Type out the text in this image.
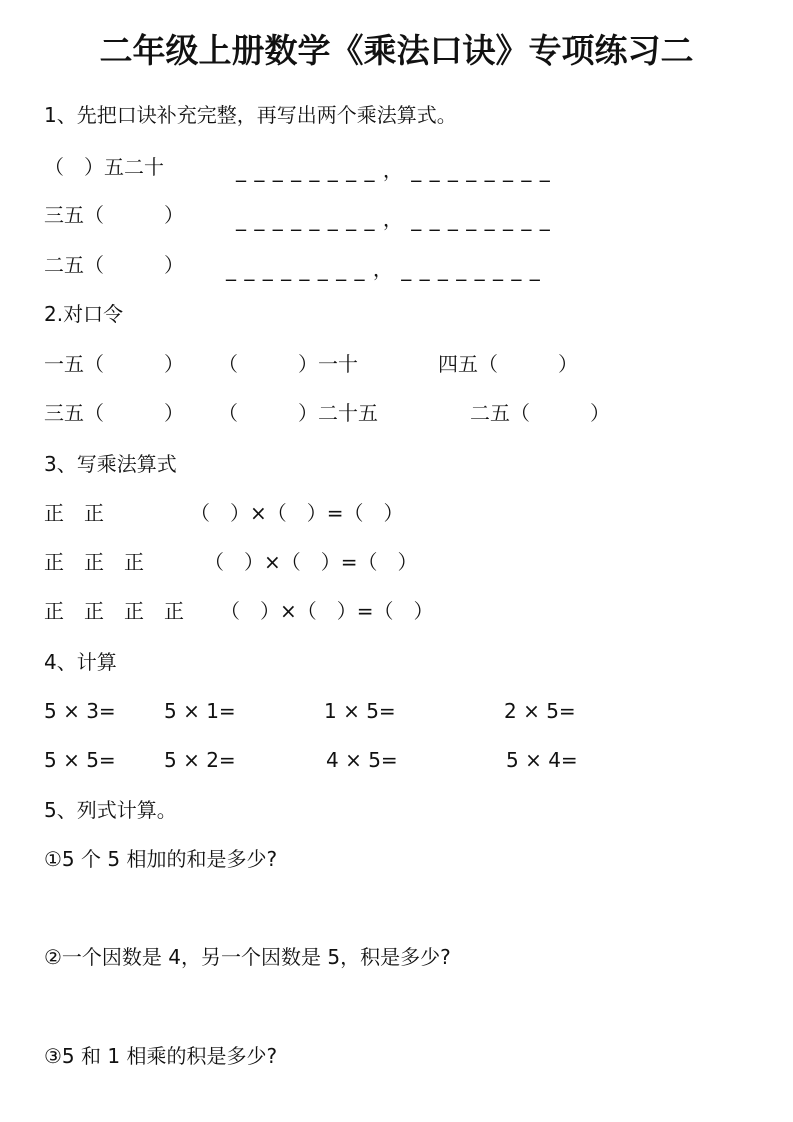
二年级上册数学《乘法口诀》专项练习二
1、先把口诀补充完整，再写出两个乘法算式。
（　）五二十	_ _ _ _ _ _ _ _ ， _ _ _ _ _ _ _ _
三五（　　　）	_ _ _ _ _ _ _ _ ， _ _ _ _ _ _ _ _
二五（　　　） _ _ _ _ _ _ _ _ ， _ _ _ _ _ _ _ _
2.对口令
一五（　　　） （　　　）一十	四五（　　　）
三五（　　　） （　　　）二十五	二五（　　　）
3、写乘法算式
正　正	（　）×（　）=（　）
正　正　正	（　）×（　）=（　）
正　正　正　正 （　）×（　）=（　）
4、计算
5 × 3= 5 × 1=	1 × 5=	2 × 5=
5 × 5= 5 × 2=	4 × 5=	5 × 4=
5、列式计算。
①5 个 5 相加的和是多少?
②一个因数是 4，另一个因数是 5，积是多少?
③5 和 1 相乘的积是多少?
